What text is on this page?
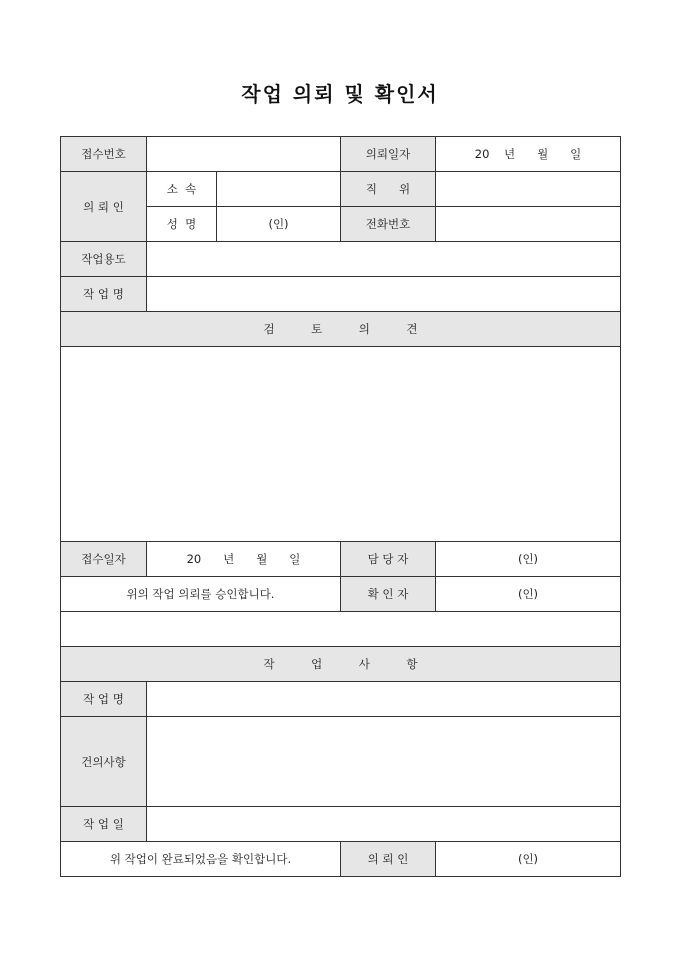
작업 의뢰 및 확인서
접수번호			의뢰일자	20    년      월      일
의 뢰 인	소  속		직      위	
	성  명	(인)	전화번호	
작업용도				
작 업 명				
검          토          의          견				

접수일자	20      년      월      일		담 당 자	(인)
위의 작업 의뢰를 승인합니다.			확 인 자	(인)

작          업          사          항				
작 업 명				
건의사항				
작 업 일				
위 작업이 완료되었음을 확인합니다.			의 뢰 인	(인)
